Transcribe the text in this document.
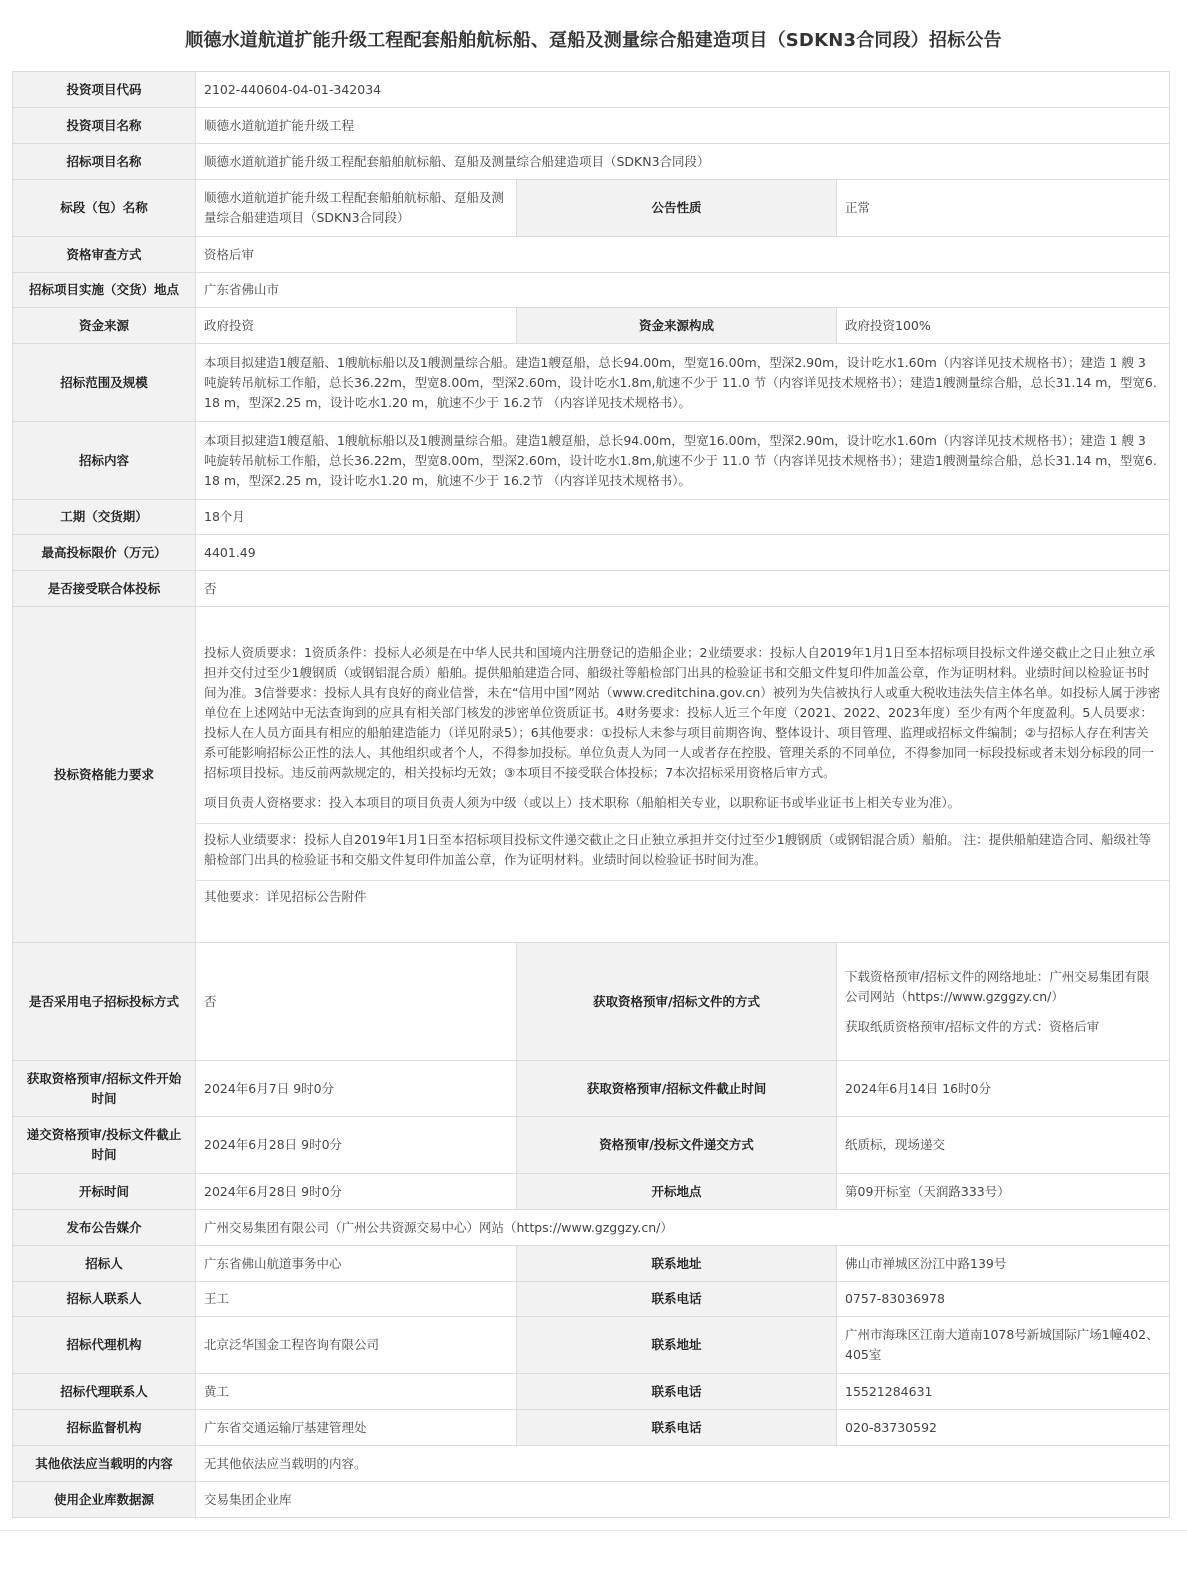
顺德水道航道扩能升级工程配套船舶航标船、趸船及测量综合船建造项目（SDKN3合同段）招标公告
投资项目代码	2102-440604-04-01-342034		
投资项目名称	顺德水道航道扩能升级工程		
招标项目名称	顺德水道航道扩能升级工程配套船舶航标船、趸船及测量综合船建造项目（SDKN3合同段）		
标段（包）名称	顺德水道航道扩能升级工程配套船舶航标船、趸船及测量综合船建造项目（SDKN3合同段）	公告性质	正常
资格审查方式	资格后审		
招标项目实施（交货）地点	广东省佛山市		
资金来源	政府投资	资金来源构成	政府投资100%
招标范围及规模	本项目拟建造1艘趸船、1艘航标船以及1艘测量综合船。建造1艘趸船，总长94.00m，型宽16.00m，型深2.90m，设计吃水1.60m（内容详见技术规格书）；建造 1 艘 3 吨旋转吊航标工作船，总长36.22m，型宽8.00m，型深2.60m，设计吃水1.8m,航速不少于 11.0 节（内容详见技术规格书）；建造1艘测量综合船，总长31.14 m，型宽6.18 m，型深2.25 m，设计吃水1.20 m，航速不少于 16.2节 （内容详见技术规格书）。		
招标内容	本项目拟建造1艘趸船、1艘航标船以及1艘测量综合船。建造1艘趸船，总长94.00m，型宽16.00m，型深2.90m，设计吃水1.60m（内容详见技术规格书）；建造 1 艘 3 吨旋转吊航标工作船，总长36.22m，型宽8.00m，型深2.60m，设计吃水1.8m,航速不少于 11.0 节（内容详见技术规格书）；建造1艘测量综合船，总长31.14 m，型宽6.18 m，型深2.25 m，设计吃水1.20 m，航速不少于 16.2节 （内容详见技术规格书）。		
工期（交货期）	18个月		
最高投标限价（万元）	4401.49		
是否接受联合体投标	否		
投标资格能力要求	投标人资质要求：1资质条件：投标人必须是在中华人民共和国境内注册登记的造船企业；2业绩要求：投标人自2019年1月1日至本招标项目投标文件递交截止之日止独立承担并交付过至少1艘钢质（或钢铝混合质）船舶。提供船舶建造合同、船级社等船检部门出具的检验证书和交船文件复印件加盖公章，作为证明材料。业绩时间以检验证书时间为准。3信誉要求：投标人具有良好的商业信誉，未在“信用中国”网站（www.creditchina.gov.cn）被列为失信被执行人或重大税收违法失信主体名单。如投标人属于涉密单位在上述网站中无法查询到的应具有相关部门核发的涉密单位资质证书。4财务要求：投标人近三个年度（2021、2022、2023年度）至少有两个年度盈利。5人员要求：投标人在人员方面具有相应的船舶建造能力（详见附录5）；6其他要求：①投标人未参与项目前期咨询、整体设计、项目管理、监理或招标文件编制；②与招标人存在利害关系可能影响招标公正性的法人、其他组织或者个人，不得参加投标。单位负责人为同一人或者存在控股、管理关系的不同单位，不得参加同一标段投标或者未划分标段的同一招标项目投标。违反前两款规定的，相关投标均无效；③本项目不接受联合体投标；7本次招标采用资格后审方式。

项目负责人资格要求：投入本项目的项目负责人须为中级（或以上）技术职称（船舶相关专业，以职称证书或毕业证书上相关专业为准）。

投标人业绩要求：投标人自2019年1月1日至本招标项目投标文件递交截止之日止独立承担并交付过至少1艘钢质（或钢铝混合质）船舶。 注：提供船舶建造合同、船级社等船检部门出具的检验证书和交船文件复印件加盖公章，作为证明材料。业绩时间以检验证书时间为准。

其他要求：详见招标公告附件		

是否采用电子招标投标方式	否	获取资格预审/招标文件的方式	下载资格预审/招标文件的网络地址：广州交易集团有限公司网站（https://www.gzggzy.cn/）

获取纸质资格预审/招标文件的方式：资格后审

获取资格预审/招标文件开始时间	2024年6月7日 9时0分	获取资格预审/招标文件截止时间	2024年6月14日 16时0分
递交资格预审/投标文件截止时间	2024年6月28日 9时0分	资格预审/投标文件递交方式	纸质标，现场递交
开标时间	2024年6月28日 9时0分	开标地点	第09开标室（天润路333号）
发布公告媒介	广州交易集团有限公司（广州公共资源交易中心）网站（https://www.gzggzy.cn/）		
招标人	广东省佛山航道事务中心	联系地址	佛山市禅城区汾江中路139号
招标人联系人	王工	联系电话	0757-83036978
招标代理机构	北京泛华国金工程咨询有限公司	联系地址	广州市海珠区江南大道南1078号新城国际广场1幢402、405室
招标代理联系人	黄工	联系电话	15521284631
招标监督机构	广东省交通运输厅基建管理处	联系电话	020-83730592
其他依法应当载明的内容	无其他依法应当载明的内容。		
使用企业库数据源	交易集团企业库		
